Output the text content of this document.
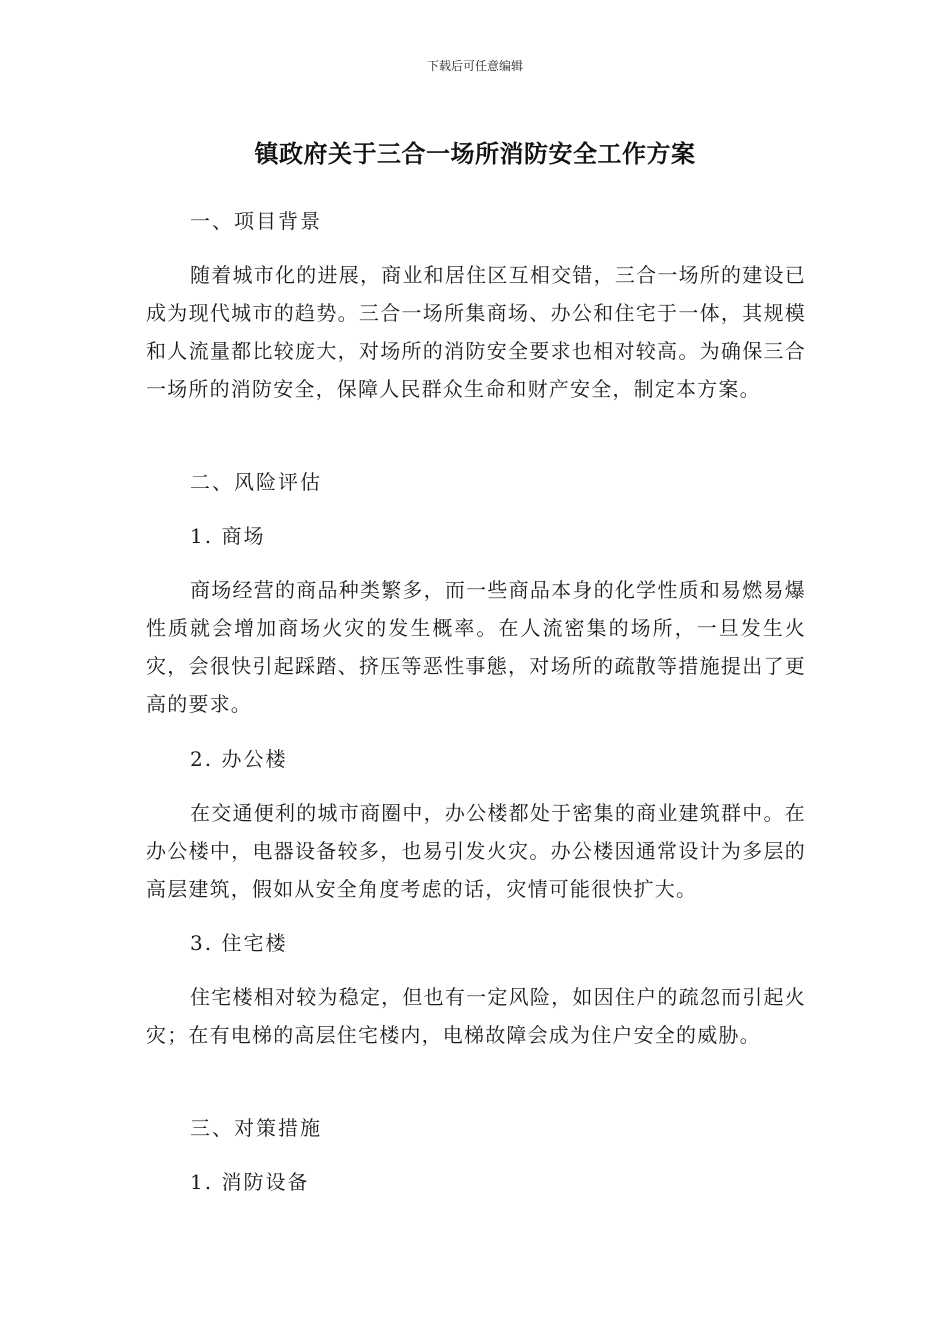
下载后可任意编辑
镇政府关于三合一场所消防安全工作方案

一、项目背景

随着城市化的进展，商业和居住区互相交错，三合一场所的建设已成为现代城市的趋势。三合一场所集商场、办公和住宅于一体，其规模和人流量都比较庞大，对场所的消防安全要求也相对较高。为确保三合一场所的消防安全，保障人民群众生命和财产安全，制定本方案。

二、风险评估

1. 商场

商场经营的商品种类繁多，而一些商品本身的化学性质和易燃易爆性质就会增加商场火灾的发生概率。在人流密集的场所，一旦发生火灾，会很快引起踩踏、挤压等恶性事態，对场所的疏散等措施提出了更高的要求。

2. 办公楼

在交通便利的城市商圈中，办公楼都处于密集的商业建筑群中。在办公楼中，电器设备较多，也易引发火灾。办公楼因通常设计为多层的高层建筑，假如从安全角度考虑的话，灾情可能很快扩大。

3. 住宅楼

住宅楼相对较为稳定，但也有一定风险，如因住户的疏忽而引起火灾；在有电梯的高层住宅楼内，电梯故障会成为住户安全的威胁。

三、对策措施

1. 消防设备
